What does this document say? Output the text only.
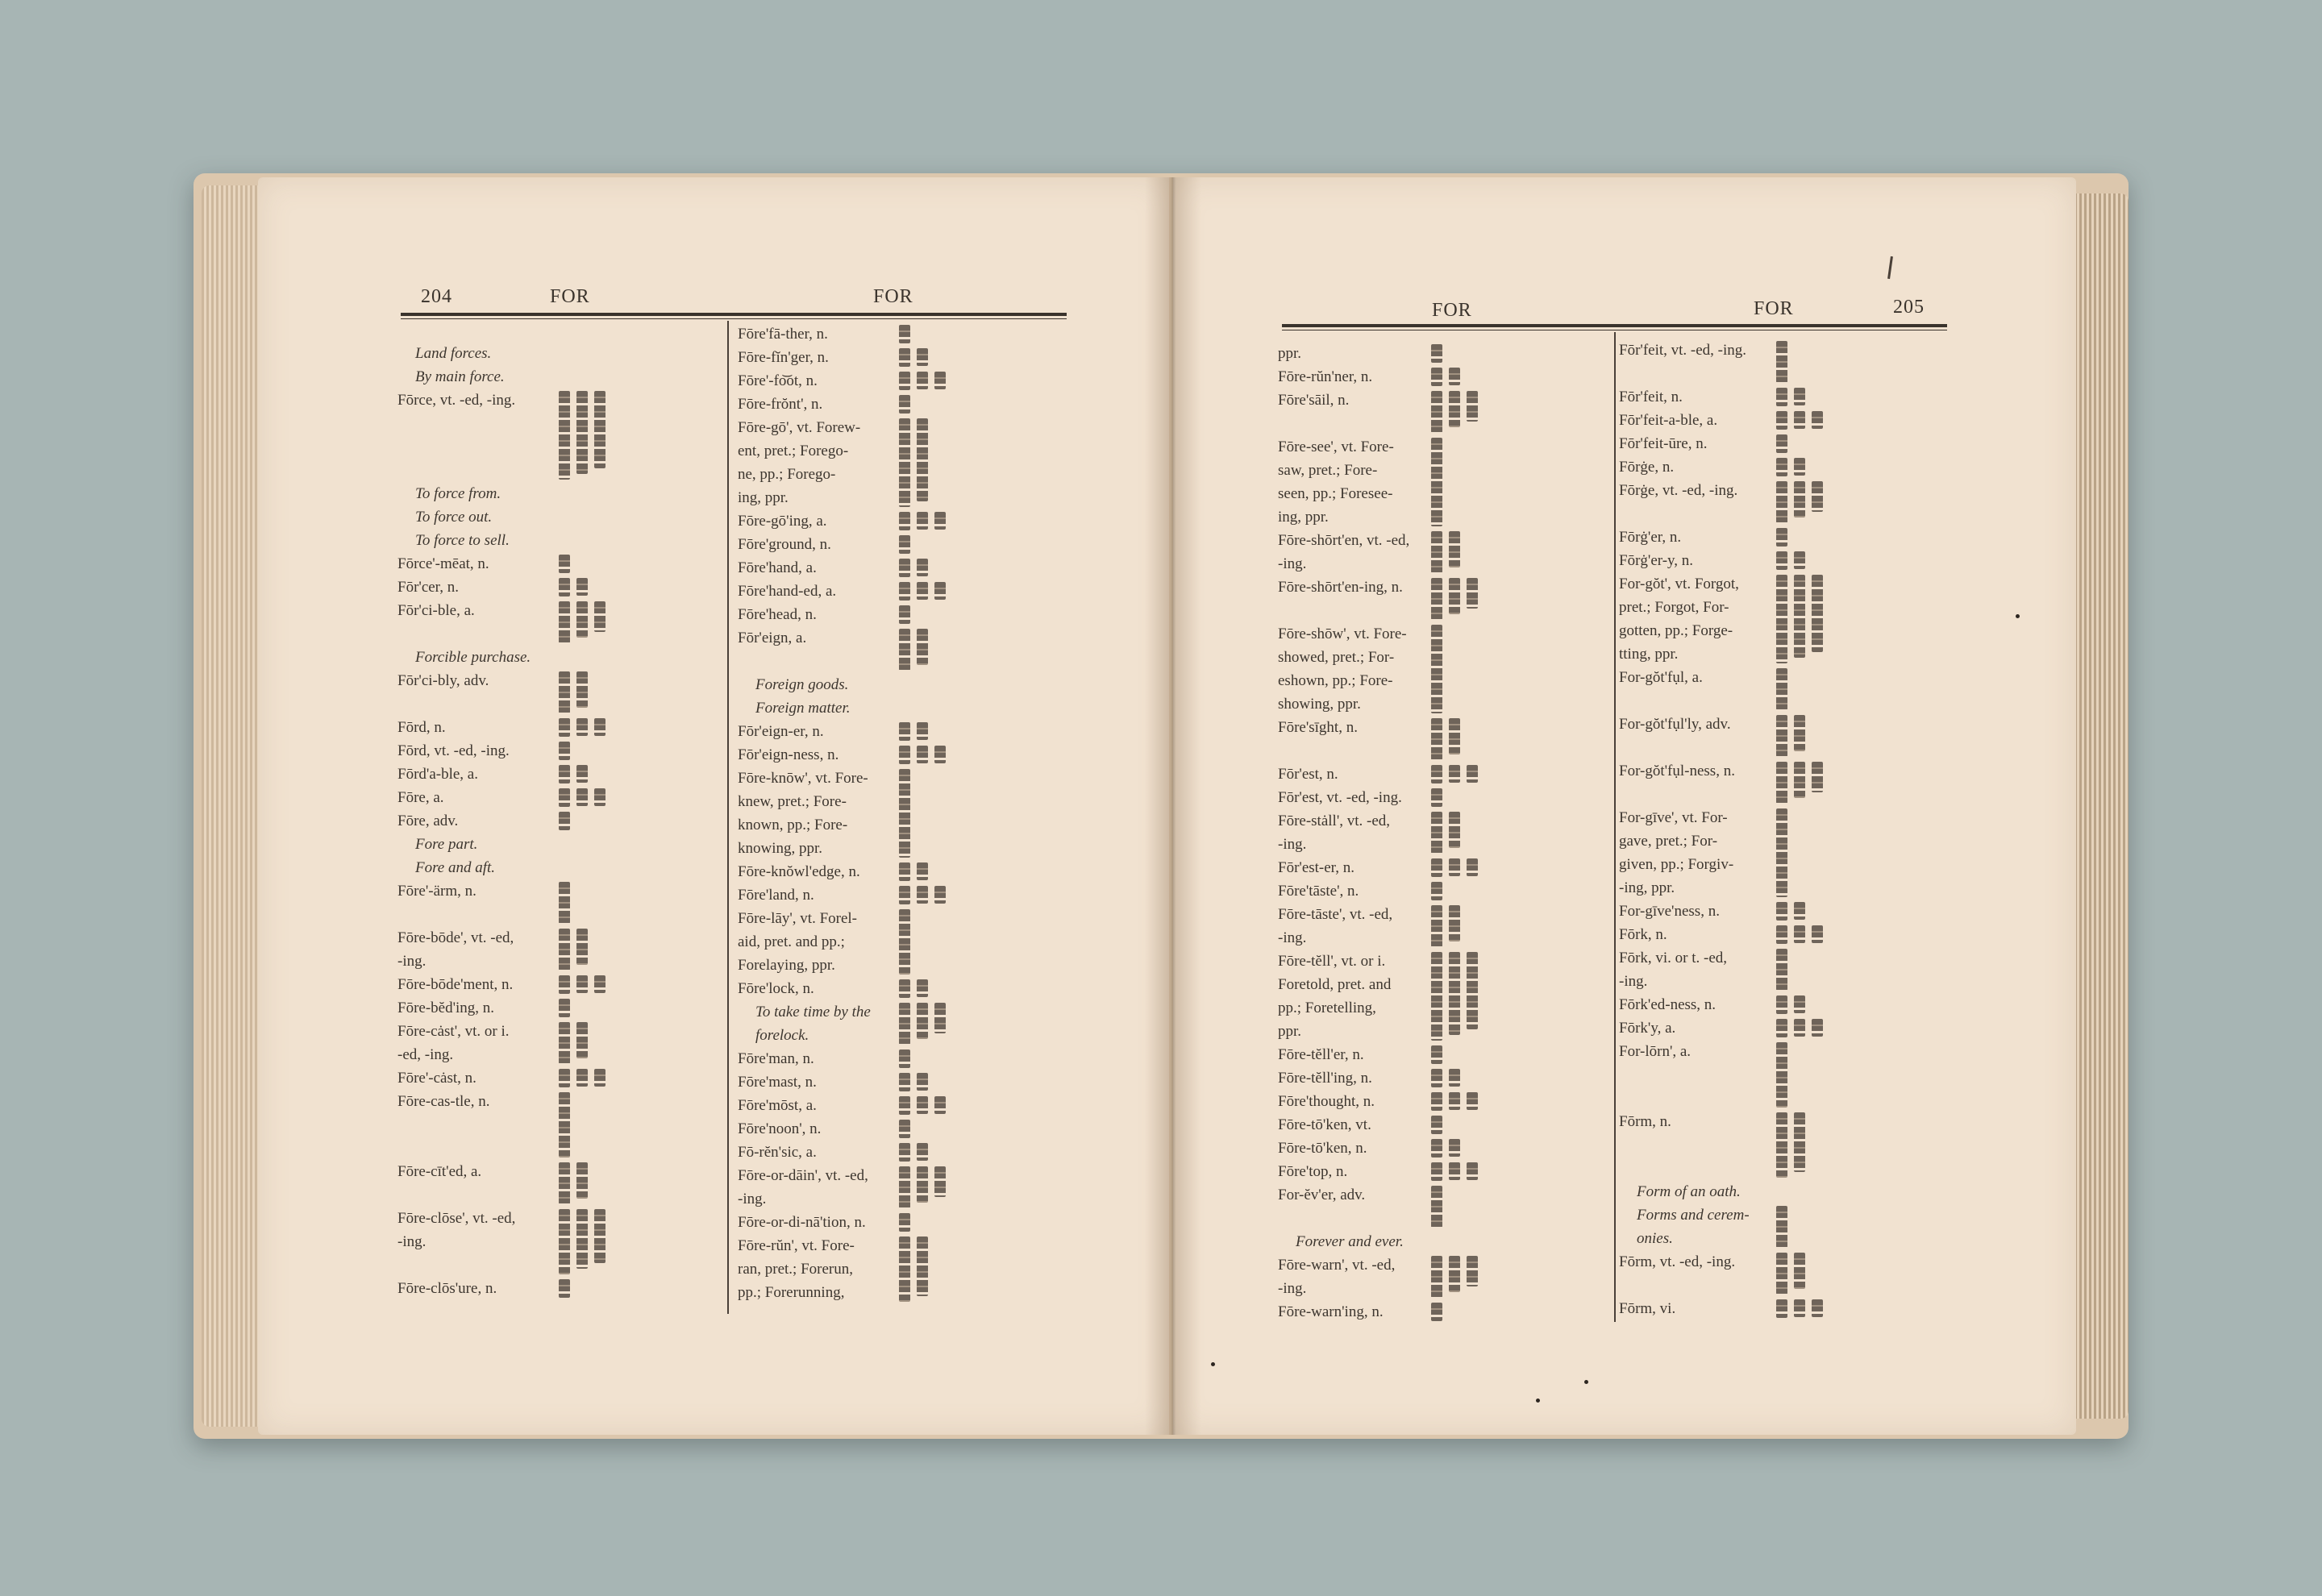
204	FOR	FOR
FOR	FOR	205
Land forces.
By main force.
Fōrce, vt. -ed, -ing.
To force from.
To force out.
To force to sell.
Fōrce'-mēat, n.
Fōr'cer, n.
Fōr'ci-ble, a.
Forcible purchase.
Fōr'ci-bly, adv.
Fōrd, n.
Fōrd, vt. -ed, -ing.
Fōrd'a-ble, a.
Fōre, a.
Fōre, adv.
Fore part.
Fore and aft.
Fōre'-ärm, n.
Fōre-bōde', vt. -ed,
-ing.
Fōre-bōde'ment, n.
Fōre-bĕd'ing, n.
Fōre-cȧst', vt. or i.
-ed, -ing.
Fōre'-cȧst, n.
Fōre-cas-tle, n.
Fōre-cīt'ed, a.
Fōre-clōse', vt. -ed,
-ing.
Fōre-clōs'ure, n.
Fōre'fā-ther, n.
Fōre-fĭn'ger, n.
Fōre'-fo͝ot, n.
Fōre-frŏnt', n.
Fōre-gō', vt. Forew-
ent, pret.; Forego-
ne, pp.; Forego-
ing, ppr.
Fōre-gō'ing, a.
Fōre'ground, n.
Fōre'hand, a.
Fōre'hand-ed, a.
Fōre'head, n.
Fōr'eign, a.
Foreign goods.
Foreign matter.
Fōr'eign-er, n.
Fōr'eign-ness, n.
Fōre-knōw', vt. Fore-
knew, pret.; Fore-
known, pp.; Fore-
knowing, ppr.
Fōre-knŏwl'edge, n.
Fōre'land, n.
Fōre-lāy', vt. Forel-
aid, pret. and pp.;
Forelaying, ppr.
Fōre'lock, n.
To take time by the
forelock.
Fōre'man, n.
Fōre'mast, n.
Fōre'mōst, a.
Fōre'noon', n.
Fō-rĕn'sic, a.
Fōre-or-dāin', vt. -ed,
-ing.
Fōre-or-di-nā'tion, n.
Fōre-rŭn', vt. Fore-
ran, pret.; Forerun,
pp.; Forerunning,
ppr.
Fōre-rŭn'ner, n.
Fōre'sāil, n.
Fōre-see', vt. Fore-
saw, pret.; Fore-
seen, pp.; Foresee-
ing, ppr.
Fōre-shōrt'en, vt. -ed,
-ing.
Fōre-shōrt'en-ing, n.
Fōre-shōw', vt. Fore-
showed, pret.; For-
eshown, pp.; Fore-
showing, ppr.
Fōre'sīght, n.
Fōr'est, n.
Fōr'est, vt. -ed, -ing.
Fōre-stȧll', vt. -ed,
-ing.
Fōr'est-er, n.
Fōre'tāste', n.
Fōre-tāste', vt. -ed,
-ing.
Fōre-tĕll', vt. or i.
Foretold, pret. and
pp.; Foretelling,
ppr.
Fōre-tĕll'er, n.
Fōre-tĕll'ing, n.
Fōre'thought, n.
Fōre-tō'ken, vt.
Fōre-tō'ken, n.
Fōre'top, n.
For-ĕv'er, adv.
Forever and ever.
Fōre-warn', vt. -ed,
-ing.
Fōre-warn'ing, n.
Fōr'feit, vt. -ed, -ing.
Fōr'feit, n.
Fōr'feit-a-ble, a.
Fōr'feit-ūre, n.
Fōrġe, n.
Fōrġe, vt. -ed, -ing.
Fōrġ'er, n.
Fōrġ'er-y, n.
For-gŏt', vt. Forgot,
pret.; Forgot, For-
gotten, pp.; Forge-
tting, ppr.
For-gŏt'fụl, a.
For-gŏt'fụl'ly, adv.
For-gŏt'fụl-ness, n.
For-gīve', vt. For-
gave, pret.; For-
given, pp.; Forgiv-
-ing, ppr.
For-gīve'ness, n.
Fōrk, n.
Fōrk, vi. or t. -ed,
-ing.
Fōrk'ed-ness, n.
Fōrk'y, a.
For-lōrn', a.
Fōrm, n.
Form of an oath.
Forms and cerem-
onies.
Fōrm, vt. -ed, -ing.
Fōrm, vi.
